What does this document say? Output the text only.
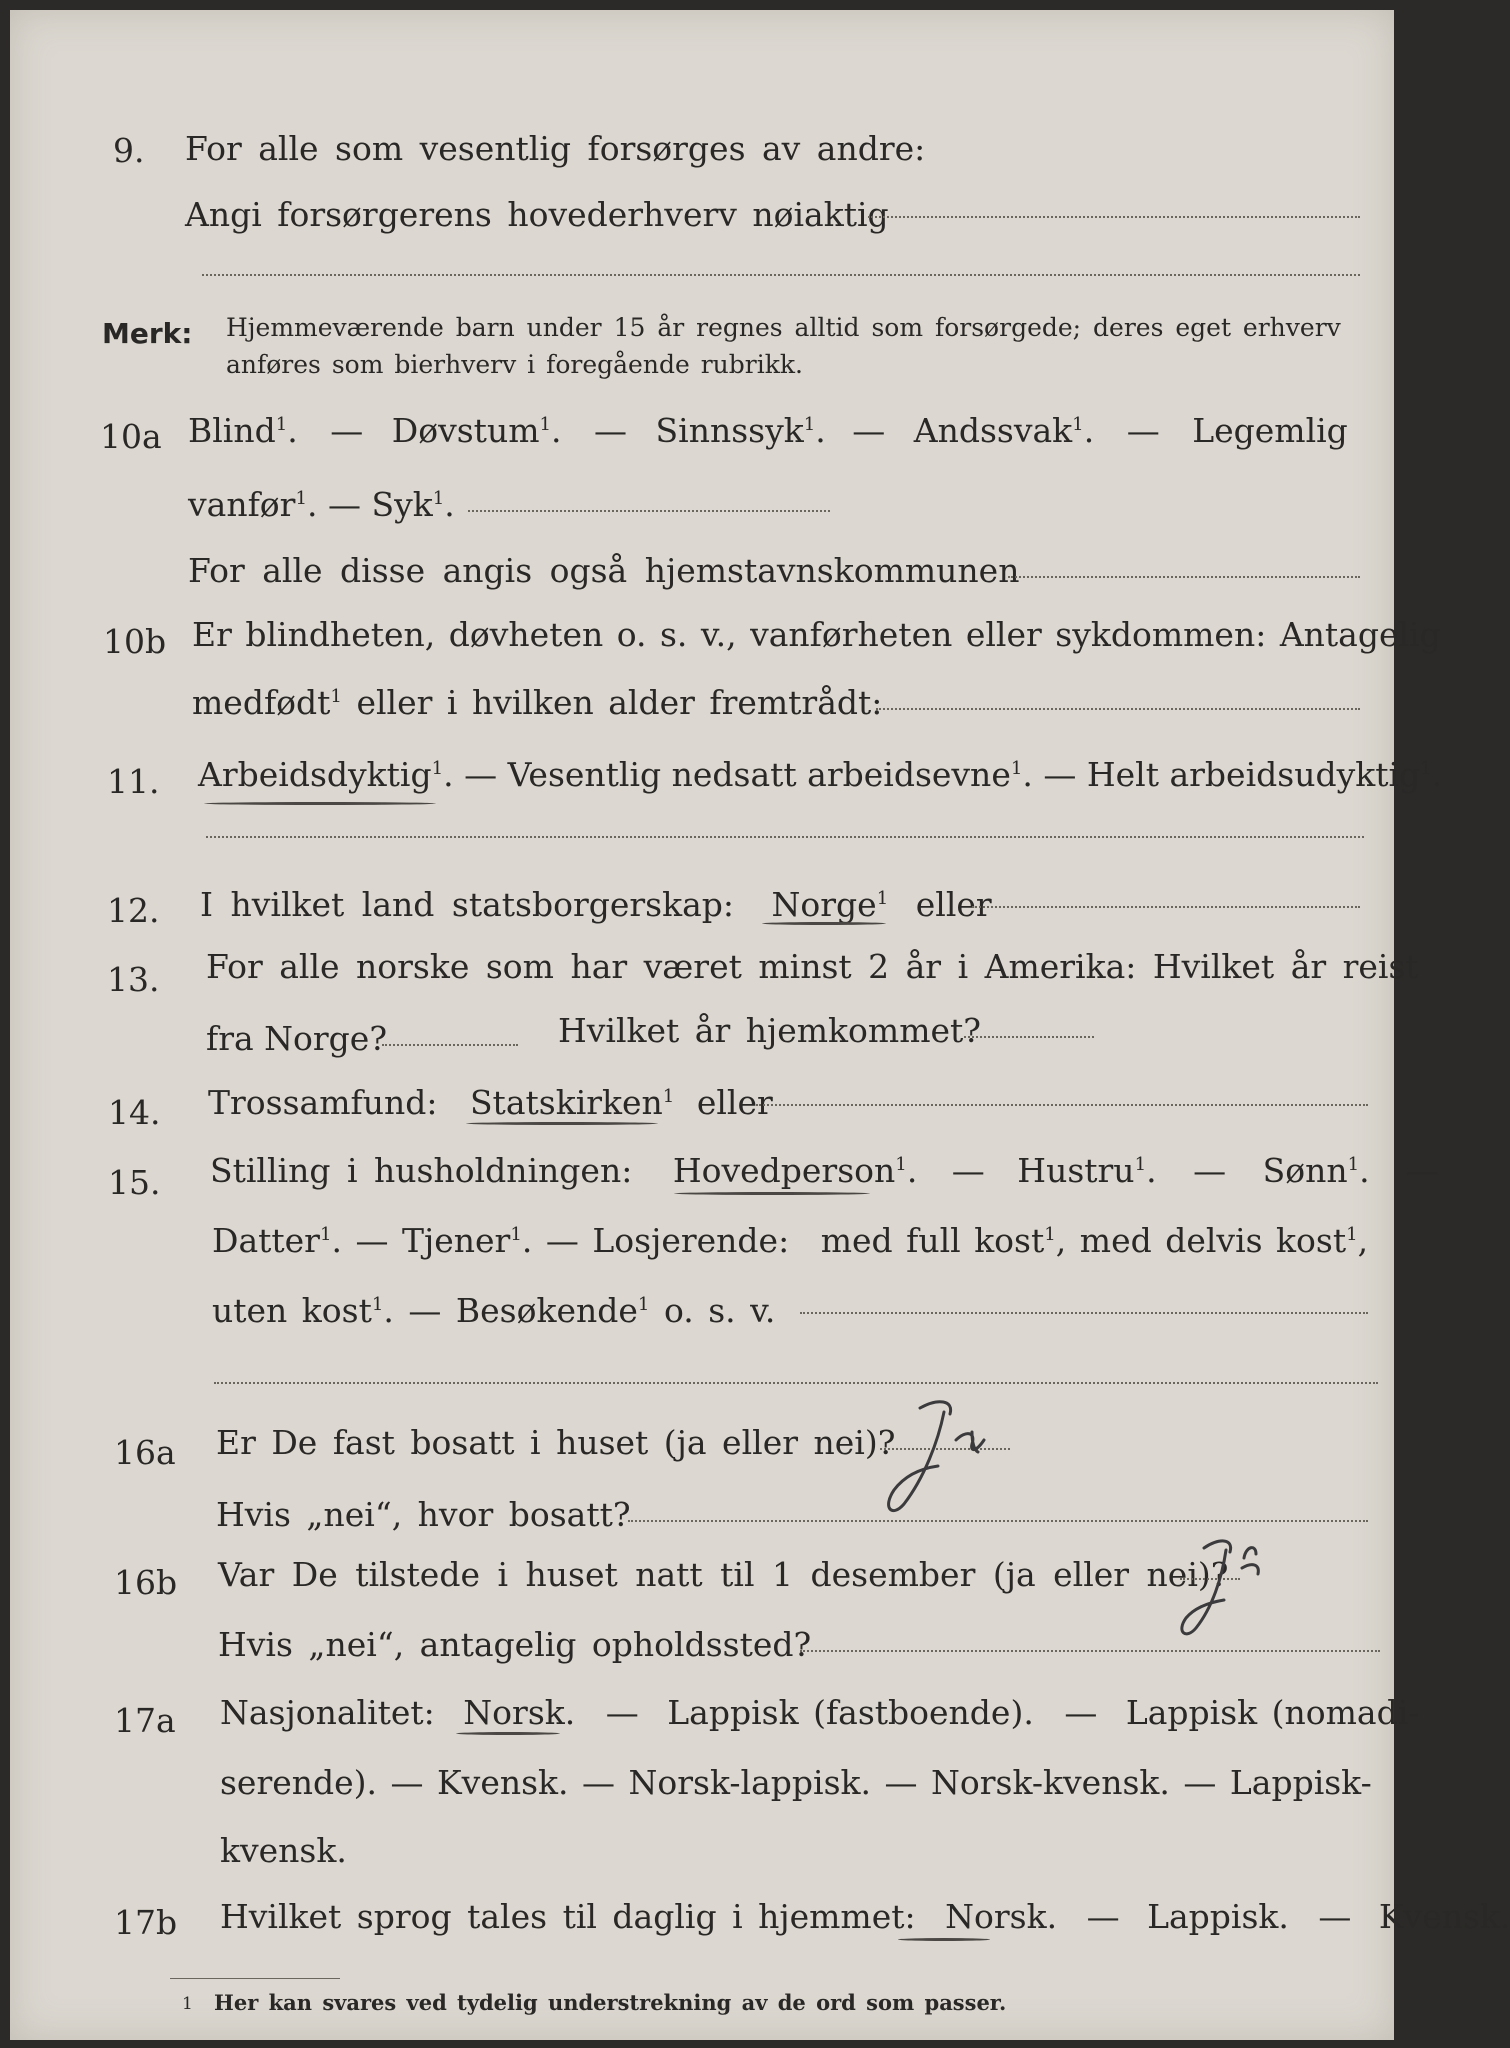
9. For alle som vesentlig forsørges av andre:
Angi forsørgerens hovederhverv nøiaktig
Merk: Hjemmeværende barn under 15 år regnes alltid som forsørgede; deres eget erhverv
anføres som bierhverv i foregående rubrikk.
10a Blind$^1$. — Døvstum$^1$. — Sinnssyk$^1$. — Andssvak$^1$. — Legemlig
vanfør$^1$. — Syk$^1$.
For alle disse angis også hjemstavnskommunen
10b Er blindheten, døvheten o. s. v., vanførheten eller sykdommen: Antagelig
medfødt$^1$ eller i hvilken alder fremtrådt:
11. Arbeidsdyktig$^1$. — Vesentlig nedsatt arbeidsevne$^1$. — Helt arbeidsudyktig$^1$.
12. I hvilket land statsborgerskap: Norge$^1$ eller
13. For alle norske som har været minst 2 år i Amerika: Hvilket år reist
fra Norge?	Hvilket år hjemkommet?
14. Trossamfund: Statskirken$^1$ eller
15. Stilling i husholdningen: Hovedperson$^1$. — Hustru$^1$. — Sønn$^1$. —
Datter$^1$. — Tjener$^1$. — Losjerende: med full kost$^1$, med delvis kost$^1$,
uten kost$^1$. — Besøkende$^1$ o. s. v.
16a Er De fast bosatt i huset (ja eller nei)?
Hvis „nei“, hvor bosatt?
16b Var De tilstede i huset natt til 1 desember (ja eller nei)?
Hvis „nei“, antagelig opholdssted?
17a Nasjonalitet: Norsk. — Lappisk (fastboende). — Lappisk (nomadi-
serende). — Kvensk. — Norsk-lappisk. — Norsk-kvensk. — Lappisk-
kvensk.
17b Hvilket sprog tales til daglig i hjemmet: Norsk. — Lappisk. — Kvensk.
1 Her kan svares ved tydelig understrekning av de ord som passer.
